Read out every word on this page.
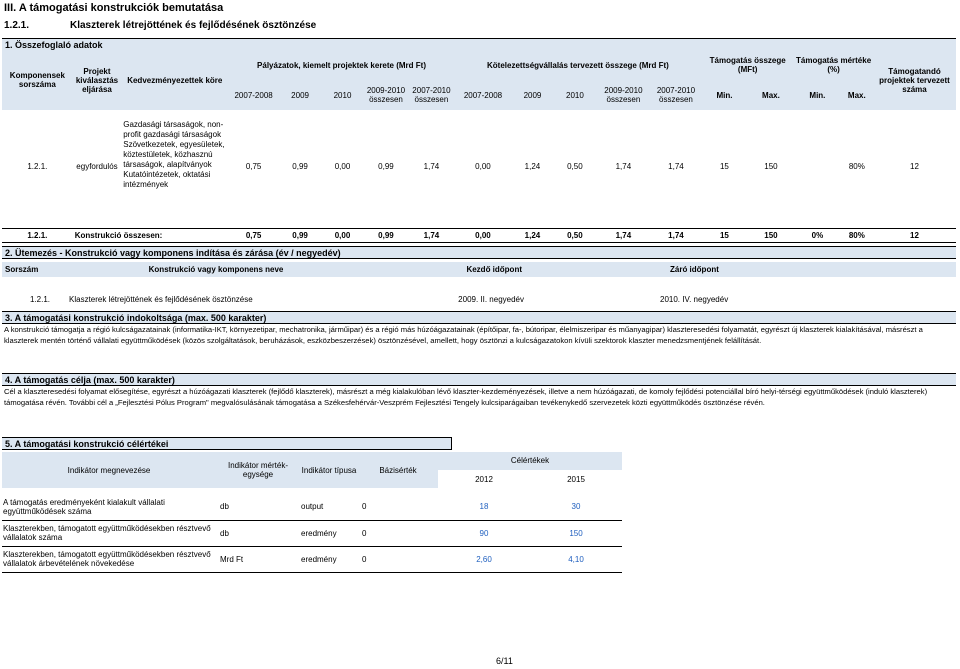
III. A támogatási konstrukciók bemutatása
1.2.1.	Klaszterek létrejöttének és fejlődésének ösztönzése
1. Összefoglaló adatok
Komponensek sorszáma	Projekt kiválasztás eljárása	Kedvezményezettek köre	Pályázatok, kiemelt projektek kerete (Mrd Ft)					Kötelezettségvállalás tervezett összege (Mrd Ft)					Támogatás összege (MFt)		Támogatás mértéke (%)		Támogatandó projektek tervezett száma
			2007-2008	2009	2010	2009-2010 összesen	2007-2010 összesen	2007-2008	2009	2010	2009-2010 összesen	2007-2010 összesen	Min.	Max.	Min.	Max.	

1.2.1.	egyfordulós	Gazdasági társaságok, non-profit gazdasági társaságok Szövetkezetek, egyesületek, köztestületek, közhasznú társaságok, alapítványok Kutatóintézetek, oktatási intézmények	0,75	0,99	0,00	0,99	1,74	0,00	1,24	0,50	1,74	1,74	15	150		80%	12

1.2.1.	Konstrukció összesen:		0,75	0,99	0,00	0,99	1,74	0,00	1,24	0,50	1,74	1,74	15	150	0%	80%	12
2. Ütemezés - Konstrukció vagy komponens indítása és zárása (év / negyedév)
Sorszám	Konstrukció vagy komponens neve	Kezdő időpont	Záró időpont

1.2.1.	Klaszterek létrejöttének és fejlődésének ösztönzése	2009. II. negyedév	2010. IV. negyedév
3. A támogatási konstrukció indokoltsága (max. 500 karakter)
A konstrukció támogatja a régió kulcságazatainak (informatika-IKT, környezetipar, mechatronika, járműipar) és a régió más húzóágazatainak (építőipar, fa-, bútoripar, élelmiszeripar és műanyagipar) klaszteresedési folyamatát, egyrészt új klaszterek kialakításával, másrészt a klaszterek mentén történő vállalati együttműködések (közös szolgáltatások, beruházások, eszközbeszerzések) ösztönzésével, amellett, hogy ösztönzi a kulcságazatokon kívüli szektorok klaszter menedzsmentjének felállítását.
4. A támogatás célja (max. 500 karakter)
Cél a klaszteresedési folyamat elősegítése, egyrészt a húzóágazati klaszterek (fejlődő klaszterek), másrészt a még kialakulóban lévő klaszter-kezdeményezések, illetve a nem húzóágazati, de komoly fejlődési potenciállal bíró helyi-térségi együttműködések (induló klaszterek) támogatása révén. További cél a „Fejlesztési Pólus Program" megvalósulásának támogatása a Székesfehérvár-Veszprém Fejlesztési Tengely kulcsiparágaiban tevékenykedő szervezetek közti együttműködés ösztönzése révén.
5. A támogatási konstrukció célértékei
Indikátor megnevezése	Indikátor mérték-egysége	Indikátor típusa	Bázisérték	Célértékek	
				2012	2015

A támogatás eredményeként kialakult vállalati együttműködések száma	db	output	0	18	30
Klaszterekben, támogatott együttműködésekben résztvevő vállalatok száma	db	eredmény	0	90	150
Klaszterekben, támogatott együttműködésekben résztvevő vállalatok árbevételének növekedése	Mrd Ft	eredmény	0	2,60	4,10
6/11
